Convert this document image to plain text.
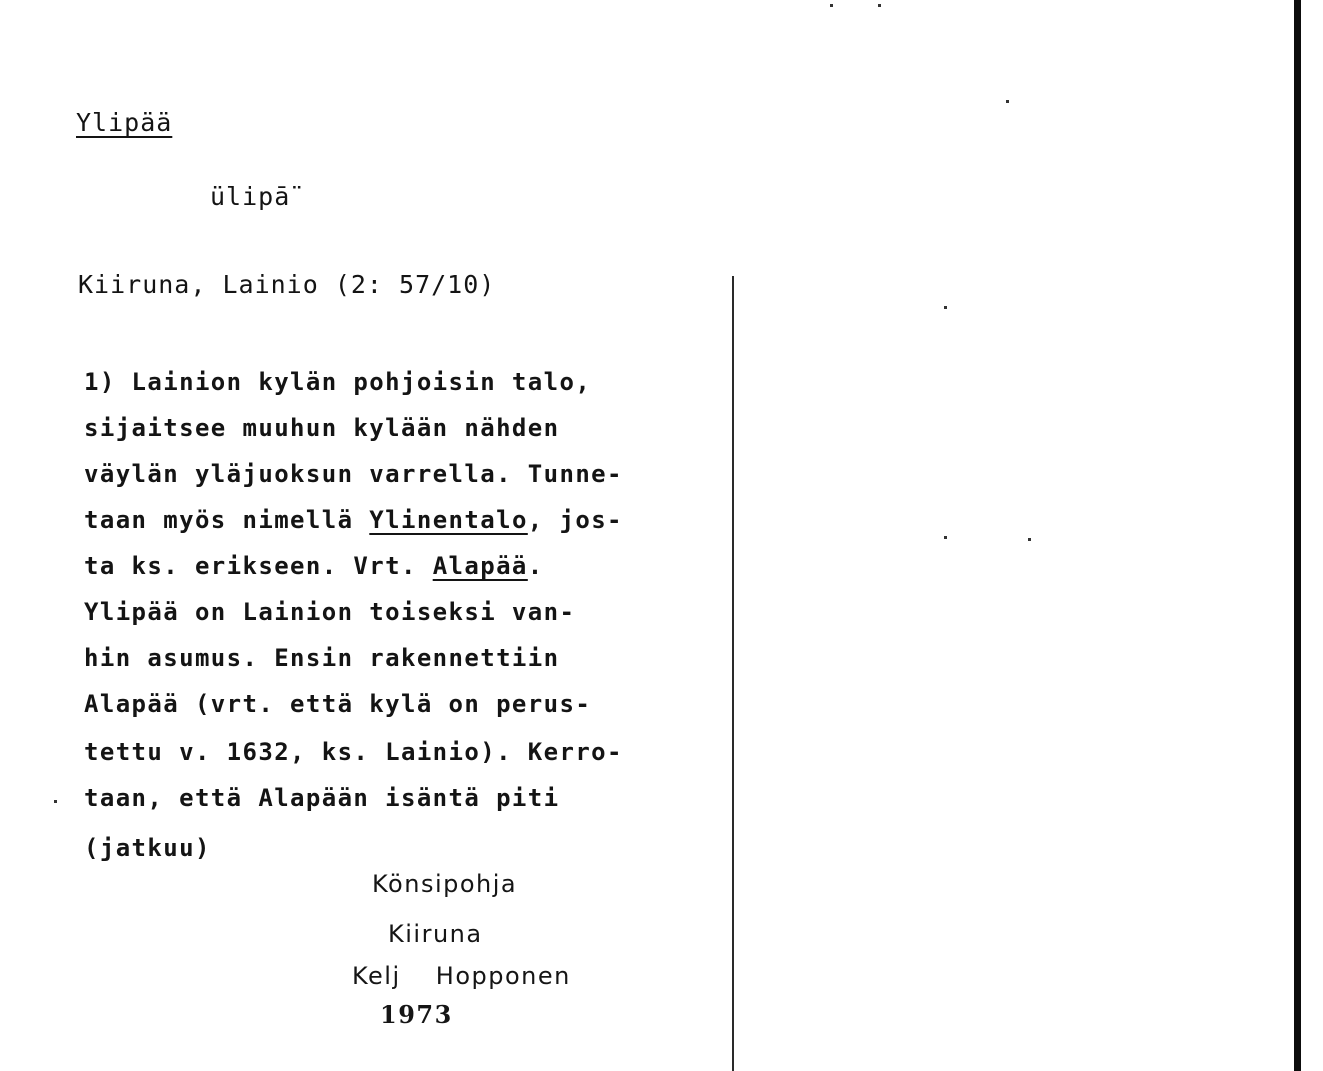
Ylipää
ülipā̈
Kiiruna, Lainio (2: 57/10)
1) Lainion kylän pohjoisin talo,
sijaitsee muuhun kylään nähden
väylän yläjuoksun varrella. Tunne-
taan myös nimellä Ylinentalo, jos-
ta ks. erikseen. Vrt. Alapää.
Ylipää on Lainion toiseksi van-
hin asumus. Ensin rakennettiin
Alapää (vrt. että kylä on perus-
tettu v. 1632, ks. Lainio). Kerro-
taan, että Alapään isäntä piti
(jatkuu)
Könsipohja
Kiiruna
Kelj Hopponen
1973
